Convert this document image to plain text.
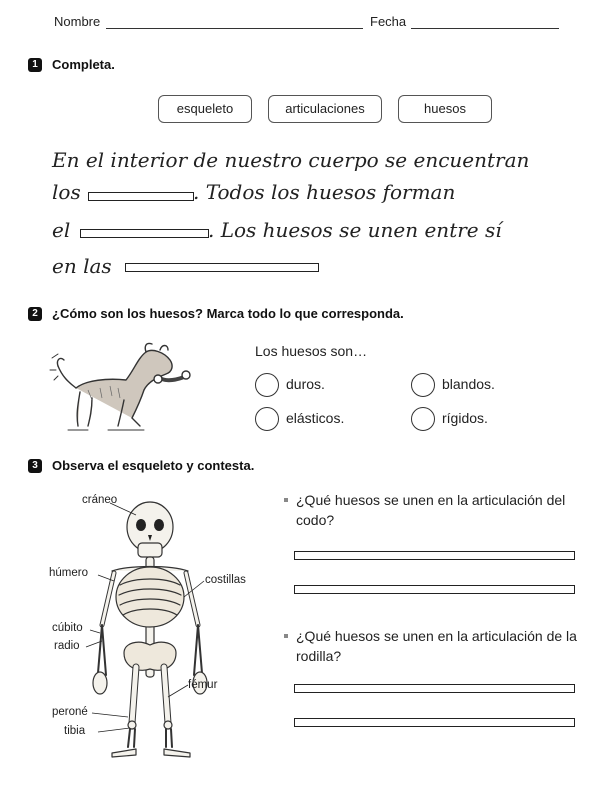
Nombre	Fecha
1	Completa.
esqueleto	articulaciones	huesos
En el interior de nuestro cuerpo se encuentran
los	. Todos los huesos forman
el	. Los huesos se unen entre sí
en las
2	¿Cómo son los huesos? Marca todo lo que corresponda.
Los huesos son…
duros.	blandos.
elásticos.	rígidos.
3	Observa el esqueleto y contesta.
cráneo
húmero
costillas
cúbito
radio
fémur
peroné
tibia
¿Qué huesos se unen en la articulación del codo?
¿Qué huesos se unen en la articulación de la rodilla?
